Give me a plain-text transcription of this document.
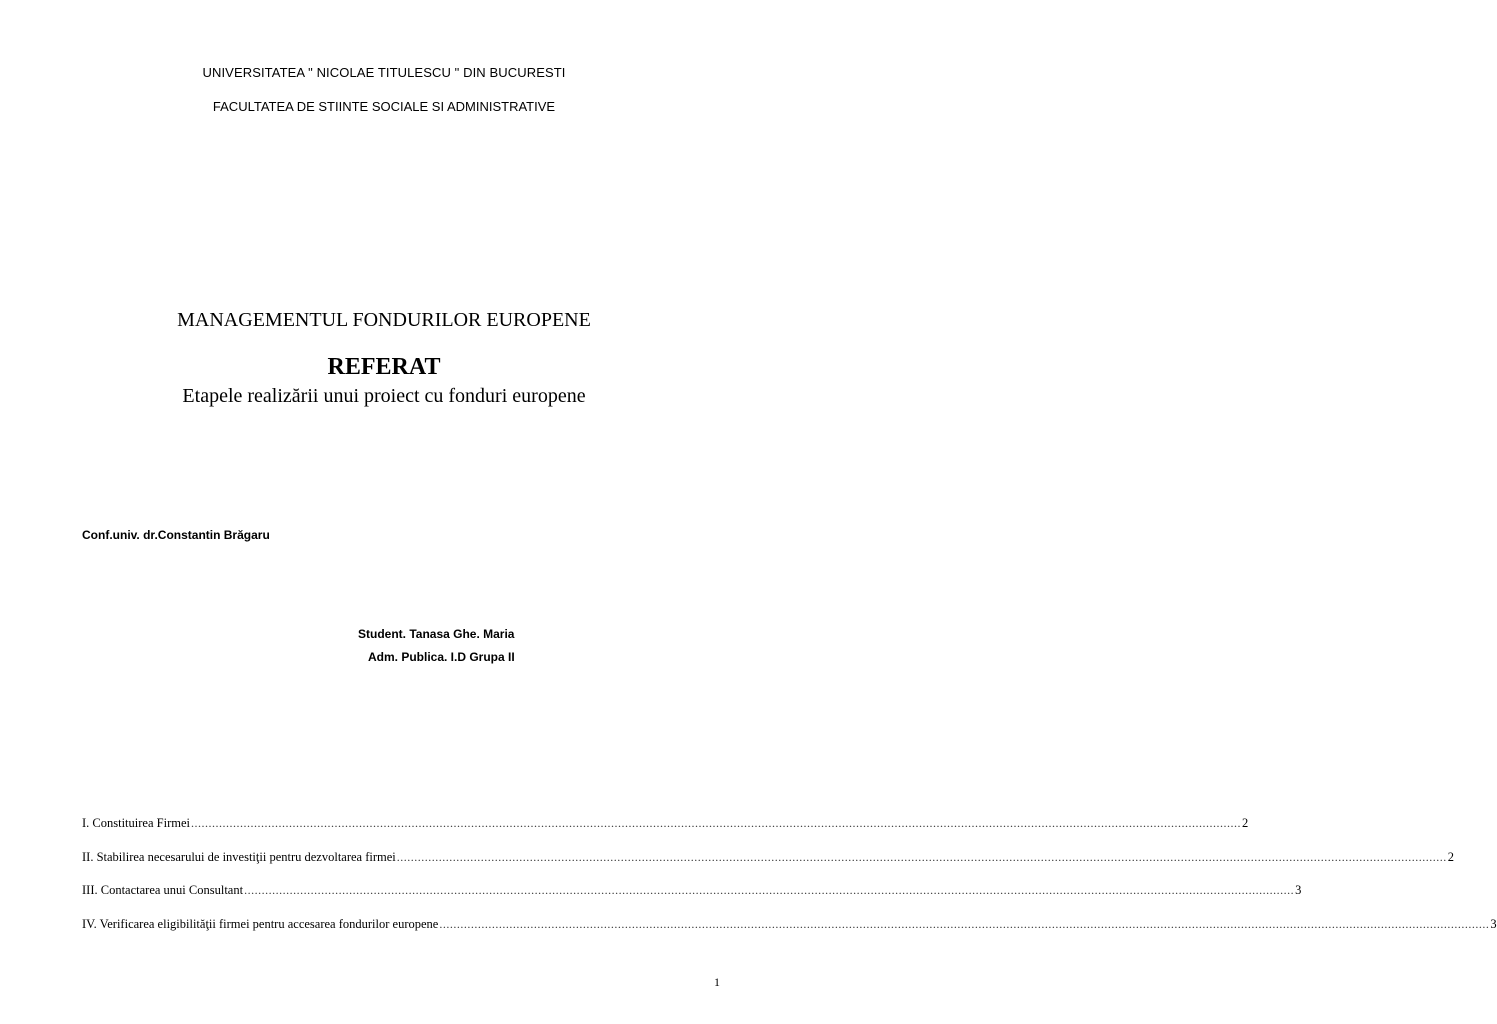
UNIVERSITATEA " NICOLAE TITULESCU " DIN BUCURESTI
FACULTATEA DE STIINTE SOCIALE SI ADMINISTRATIVE
MANAGEMENTUL FONDURILOR EUROPENE
REFERAT
Etapele realizării unui proiect cu fonduri europene
Conf.univ. dr.Constantin Brăgaru
Student. Tanasa Ghe. Maria
Adm. Publica. I.D Grupa II
I. Constituirea Firmei ............................................................................................................................................................................................................................................................................................................ 2
II. Stabilirea necesarului de investiţii pentru dezvoltarea firmei ............................................................................................................................................................................................................................................................................................................ 2
III. Contactarea unui Consultant ............................................................................................................................................................................................................................................................................................................ 3
IV. Verificarea eligibilităţii firmei pentru accesarea fondurilor europene ............................................................................................................................................................................................................................................................................................................ 3
1
